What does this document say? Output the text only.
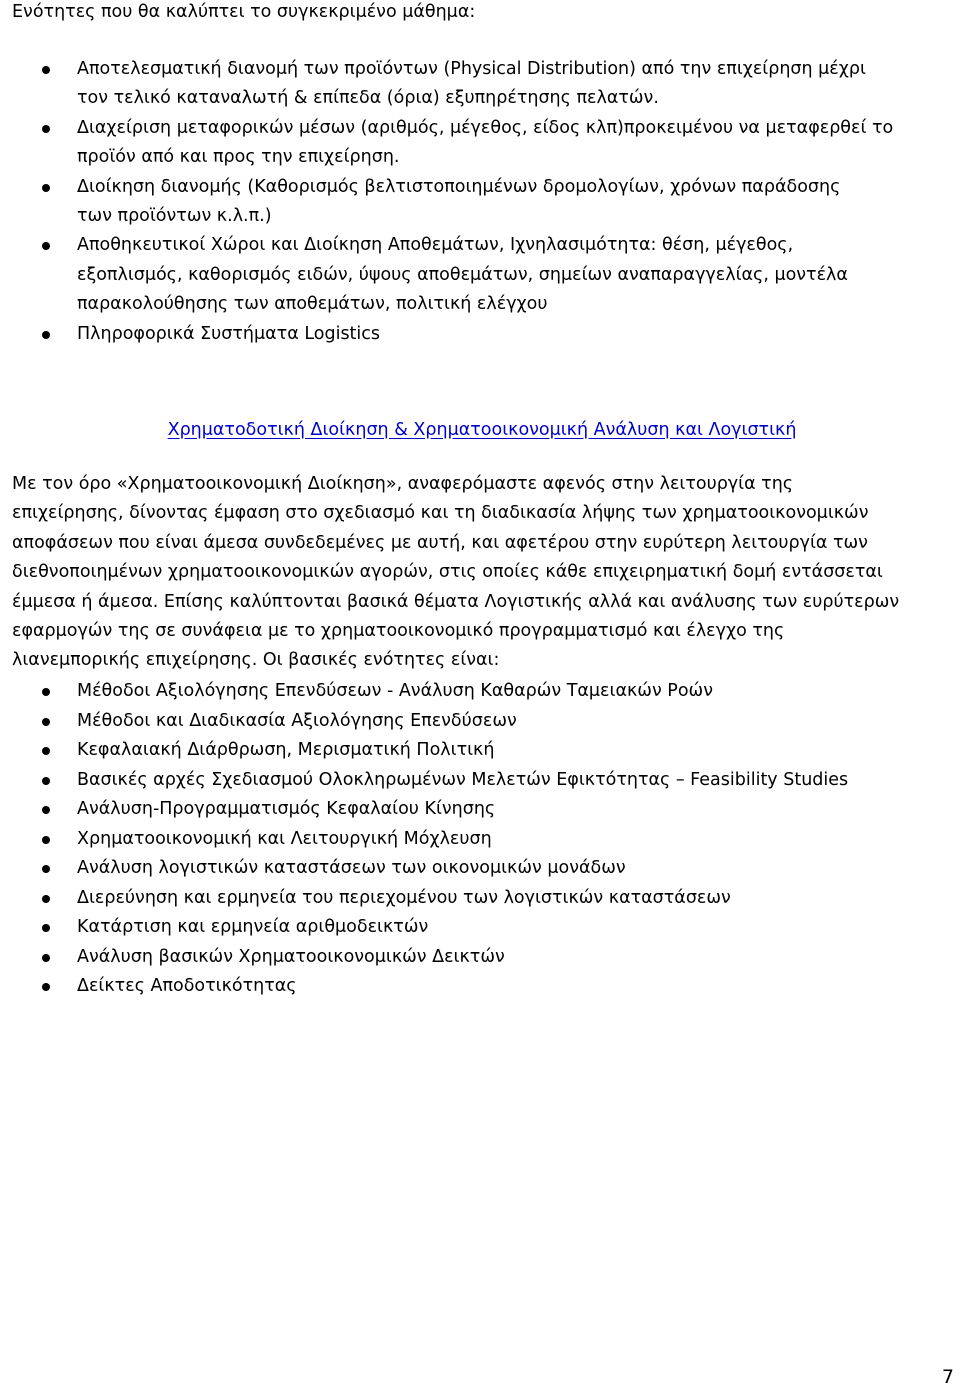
Ενότητες που θα καλύπτει το συγκεκριμένο μάθημα:
Αποτελεσματική διανομή των προϊόντων (Physical Distribution) από την επιχείρηση μέχρι
τον τελικό καταναλωτή & επίπεδα (όρια) εξυπηρέτησης πελατών.
Διαχείριση μεταφορικών μέσων (αριθμός, μέγεθος, είδος κλπ)προκειμένου να μεταφερθεί το
προϊόν από και προς την επιχείρηση.
Διοίκηση διανομής (Καθορισμός βελτιστοποιημένων δρομολογίων, χρόνων παράδοσης
των προϊόντων κ.λ.π.)
Αποθηκευτικοί Χώροι και Διοίκηση Αποθεμάτων, Ιχνηλασιμότητα: θέση, μέγεθος,
εξοπλισμός, καθορισμός ειδών, ύψους αποθεμάτων, σημείων αναπαραγγελίας, μοντέλα
παρακολούθησης των αποθεμάτων, πολιτική ελέγχου
Πληροφορικά Συστήματα Logistics
Χρηματοδοτική Διοίκηση & Χρηματοοικονομική Ανάλυση και Λογιστική
Με τον όρο «Χρηματοοικονομική Διοίκηση», αναφερόμαστε αφενός στην λειτουργία της
επιχείρησης, δίνοντας έμφαση στο σχεδιασμό και τη διαδικασία λήψης των χρηματοοικονομικών
αποφάσεων που είναι άμεσα συνδεδεμένες με αυτή, και αφετέρου στην ευρύτερη λειτουργία των
διεθνοποιημένων χρηματοοικονομικών αγορών, στις οποίες κάθε επιχειρηματική δομή εντάσσεται
έμμεσα ή άμεσα. Επίσης καλύπτονται βασικά θέματα Λογιστικής αλλά και ανάλυσης των ευρύτερων
εφαρμογών της σε συνάφεια με το χρηματοοικονομικό προγραμματισμό και έλεγχο της
λιανεμπορικής επιχείρησης. Οι βασικές ενότητες είναι:
Μέθοδοι Αξιολόγησης Επενδύσεων - Ανάλυση Καθαρών Ταμειακών Ροών
Μέθοδοι και Διαδικασία Αξιολόγησης Επενδύσεων
Κεφαλαιακή Διάρθρωση, Μερισματική Πολιτική
Βασικές αρχές Σχεδιασμού Ολοκληρωμένων Μελετών Εφικτότητας – Feasibility Studies
Ανάλυση-Προγραμματισμός Κεφαλαίου Κίνησης
Χρηματοοικονομική και Λειτουργική Μόχλευση
Ανάλυση λογιστικών καταστάσεων των οικονομικών μονάδων
Διερεύνηση και ερμηνεία του περιεχομένου των λογιστικών καταστάσεων
Κατάρτιση και ερμηνεία αριθμοδεικτών
Ανάλυση βασικών Χρηματοοικονομικών Δεικτών
Δείκτες Αποδοτικότητας
7
